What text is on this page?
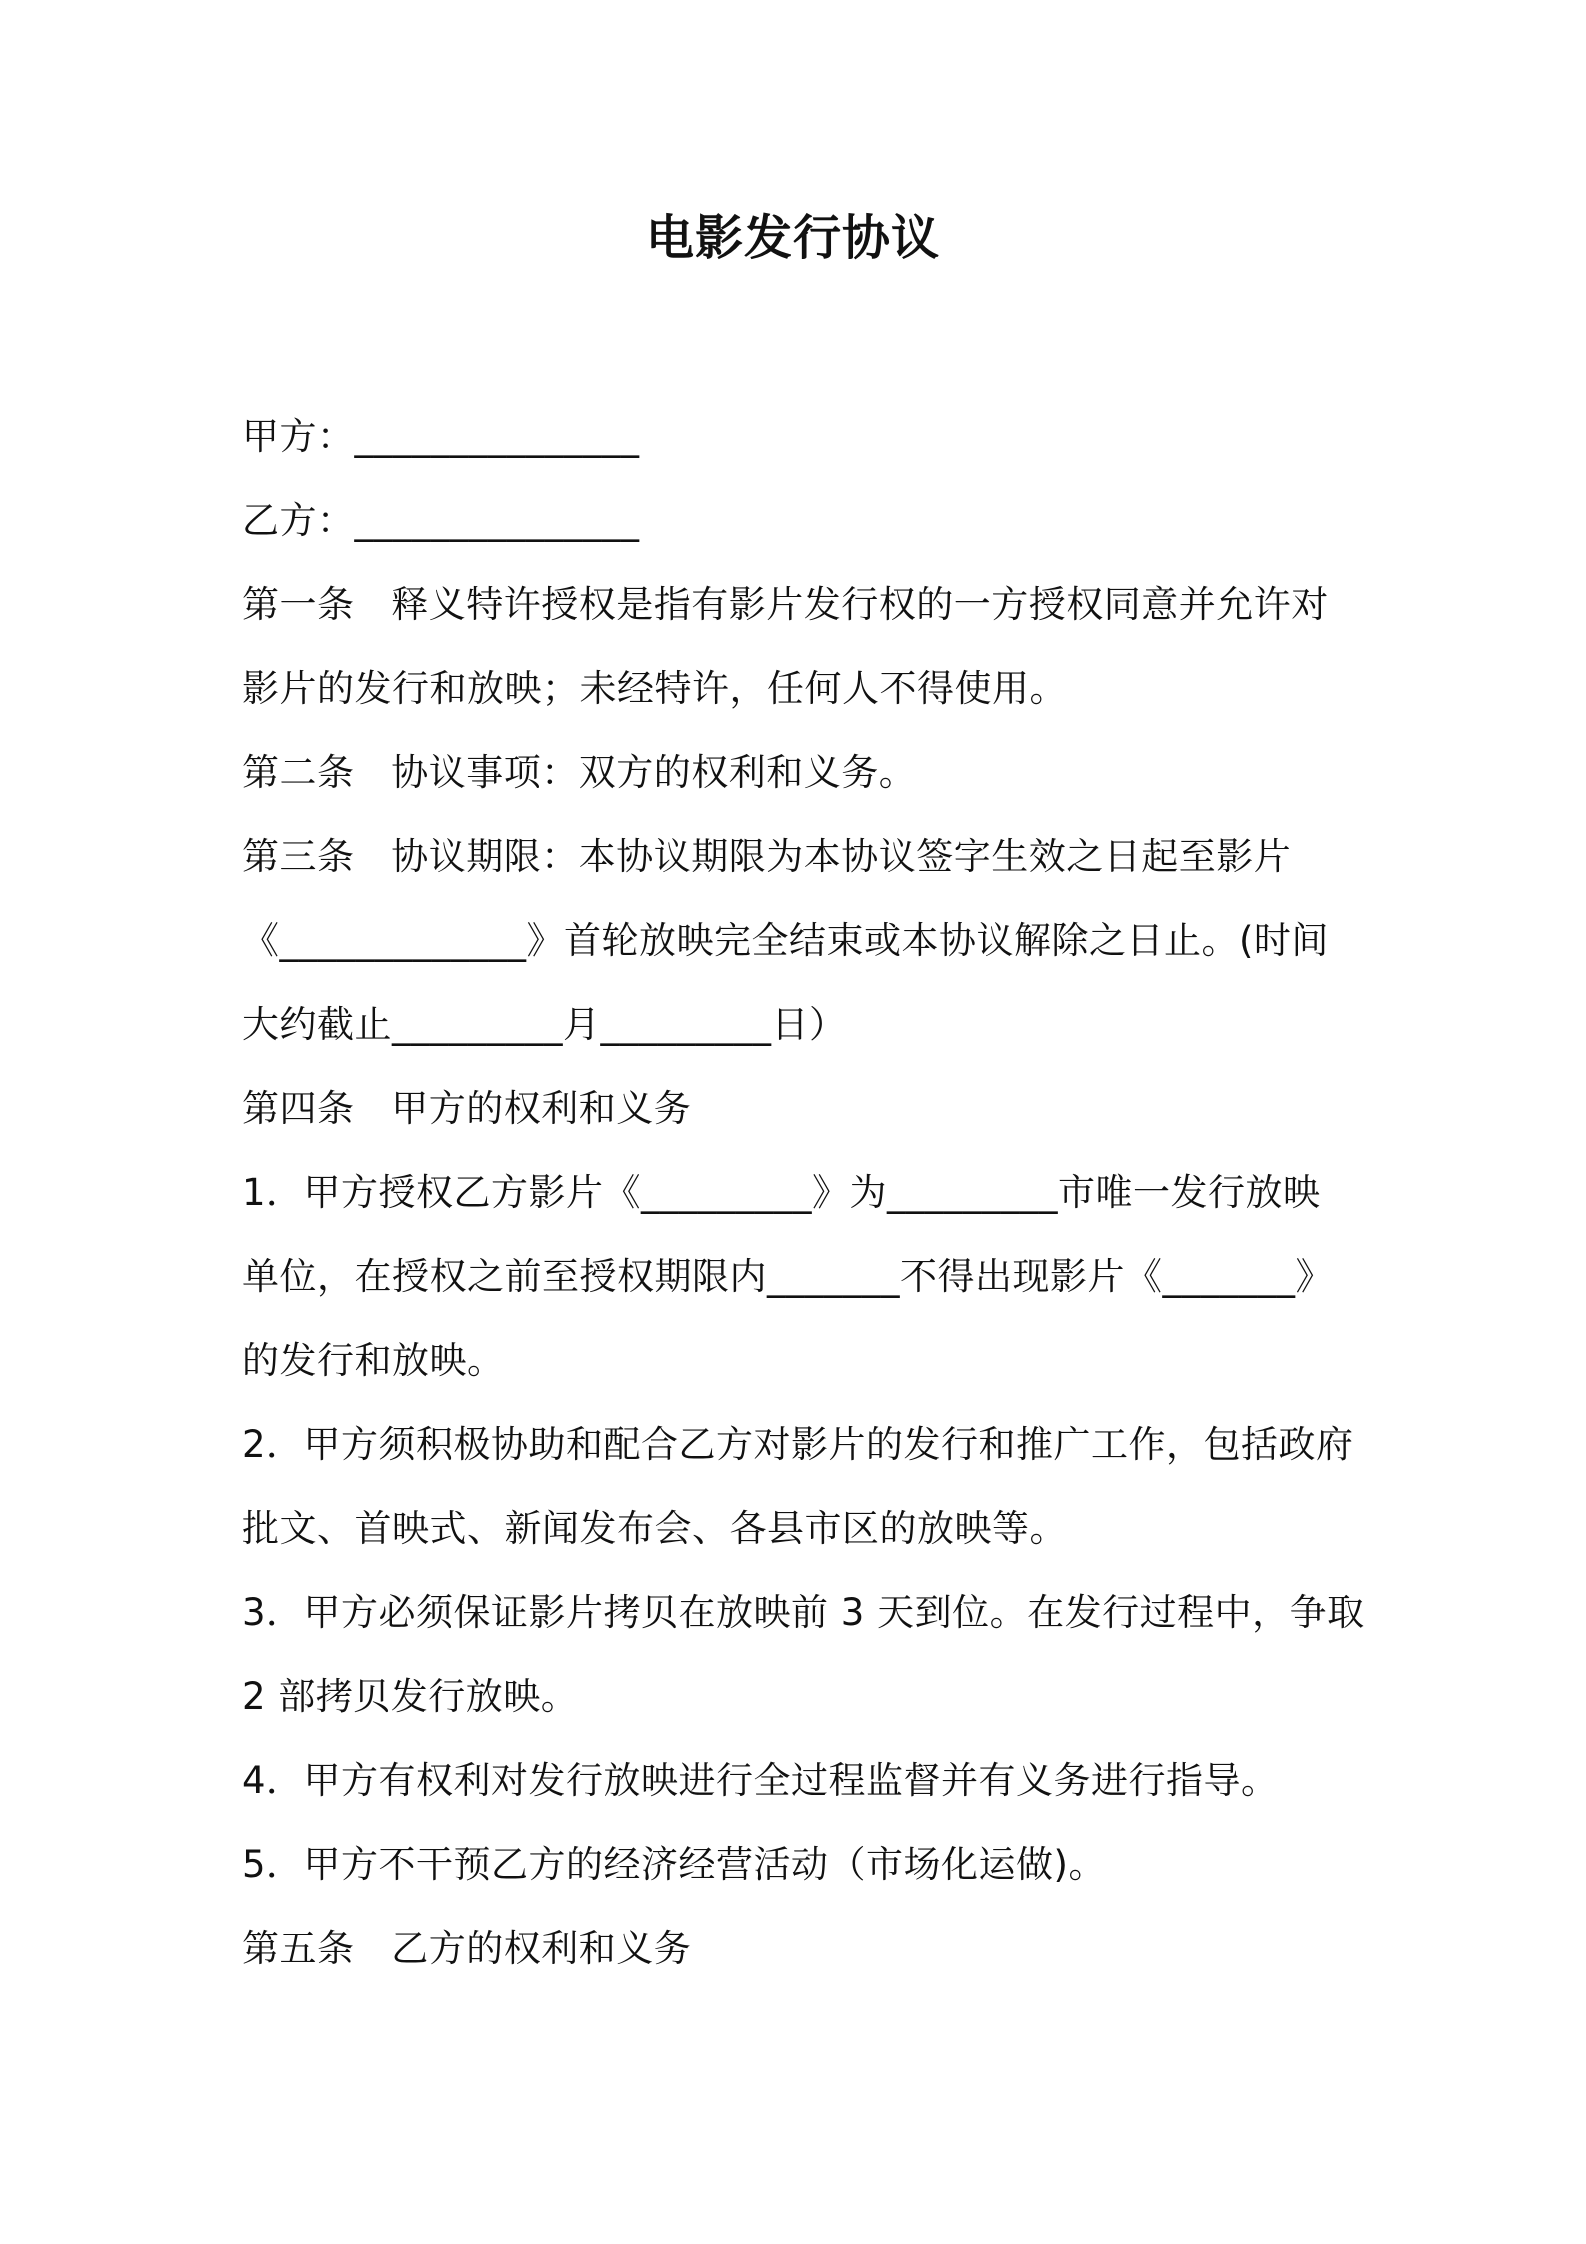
电影发行协议
甲方：_______________
乙方：_______________
第一条   释义特许授权是指有影片发行权的一方授权同意并允许对
影片的发行和放映；未经特许，任何人不得使用。
第二条   协议事项：双方的权利和义务。
第三条   协议期限：本协议期限为本协议签字生效之日起至影片
《_____________》首轮放映完全结束或本协议解除之日止。(时间
大约截止_________月_________日）
第四条   甲方的权利和义务
1．甲方授权乙方影片《_________》为_________市唯一发行放映
单位，在授权之前至授权期限内_______不得出现影片《_______》
的发行和放映。
2．甲方须积极协助和配合乙方对影片的发行和推广工作，包括政府
批文、首映式、新闻发布会、各县市区的放映等。
3．甲方必须保证影片拷贝在放映前 3 天到位。在发行过程中，争取
2 部拷贝发行放映。
4．甲方有权利对发行放映进行全过程监督并有义务进行指导。
5．甲方不干预乙方的经济经营活动（市场化运做)。
第五条   乙方的权利和义务
